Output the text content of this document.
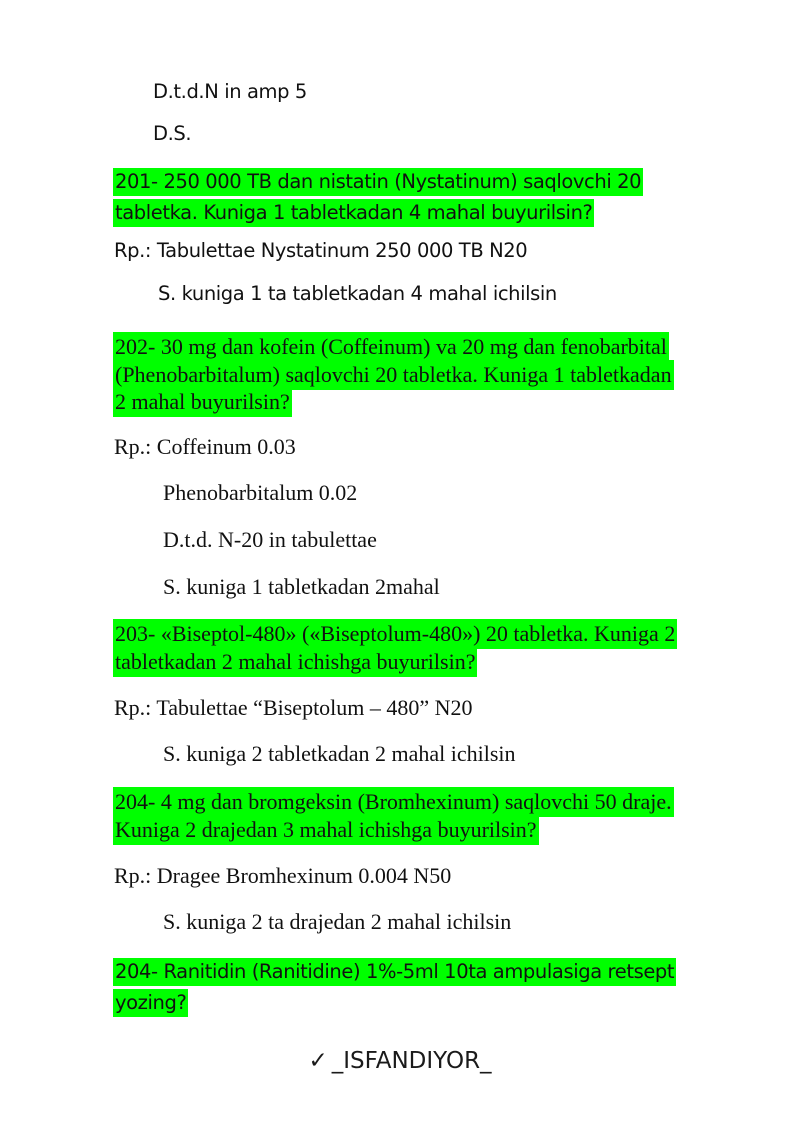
D.t.d.N in amp 5
D.S.
201- 250 000 TB dan nistatin (Nystatinum) saqlovchi 20
tabletka. Kuniga 1 tabletkadan 4 mahal buyurilsin?
Rp.: Tabulettae Nystatinum 250 000 TB N20
S. kuniga 1 ta tabletkadan 4 mahal ichilsin
202- 30 mg dan kofein (Coffeinum) va 20 mg dan fenobarbital
(Phenobarbitalum) saqlovchi 20 tabletka. Kuniga 1 tabletkadan
2 mahal buyurilsin?
Rp.: Coffeinum 0.03
Phenobarbitalum 0.02
D.t.d. N-20 in tabulettae
S. kuniga 1 tabletkadan 2mahal
203- «Biseptol-480» («Biseptolum-480») 20 tabletka. Kuniga 2
tabletkadan 2 mahal ichishga buyurilsin?
Rp.: Tabulettae “Biseptolum – 480” N20
S. kuniga 2 tabletkadan 2 mahal ichilsin
204- 4 mg dan bromgeksin (Bromhexinum) saqlovchi 50 draje.
Kuniga 2 drajedan 3 mahal ichishga buyurilsin?
Rp.: Dragee Bromhexinum 0.004 N50
S. kuniga 2 ta drajedan 2 mahal ichilsin
204- Ranitidin (Ranitidine) 1%-5ml 10ta ampulasiga retsept
yozing?
✓ _ISFANDIYOR_
